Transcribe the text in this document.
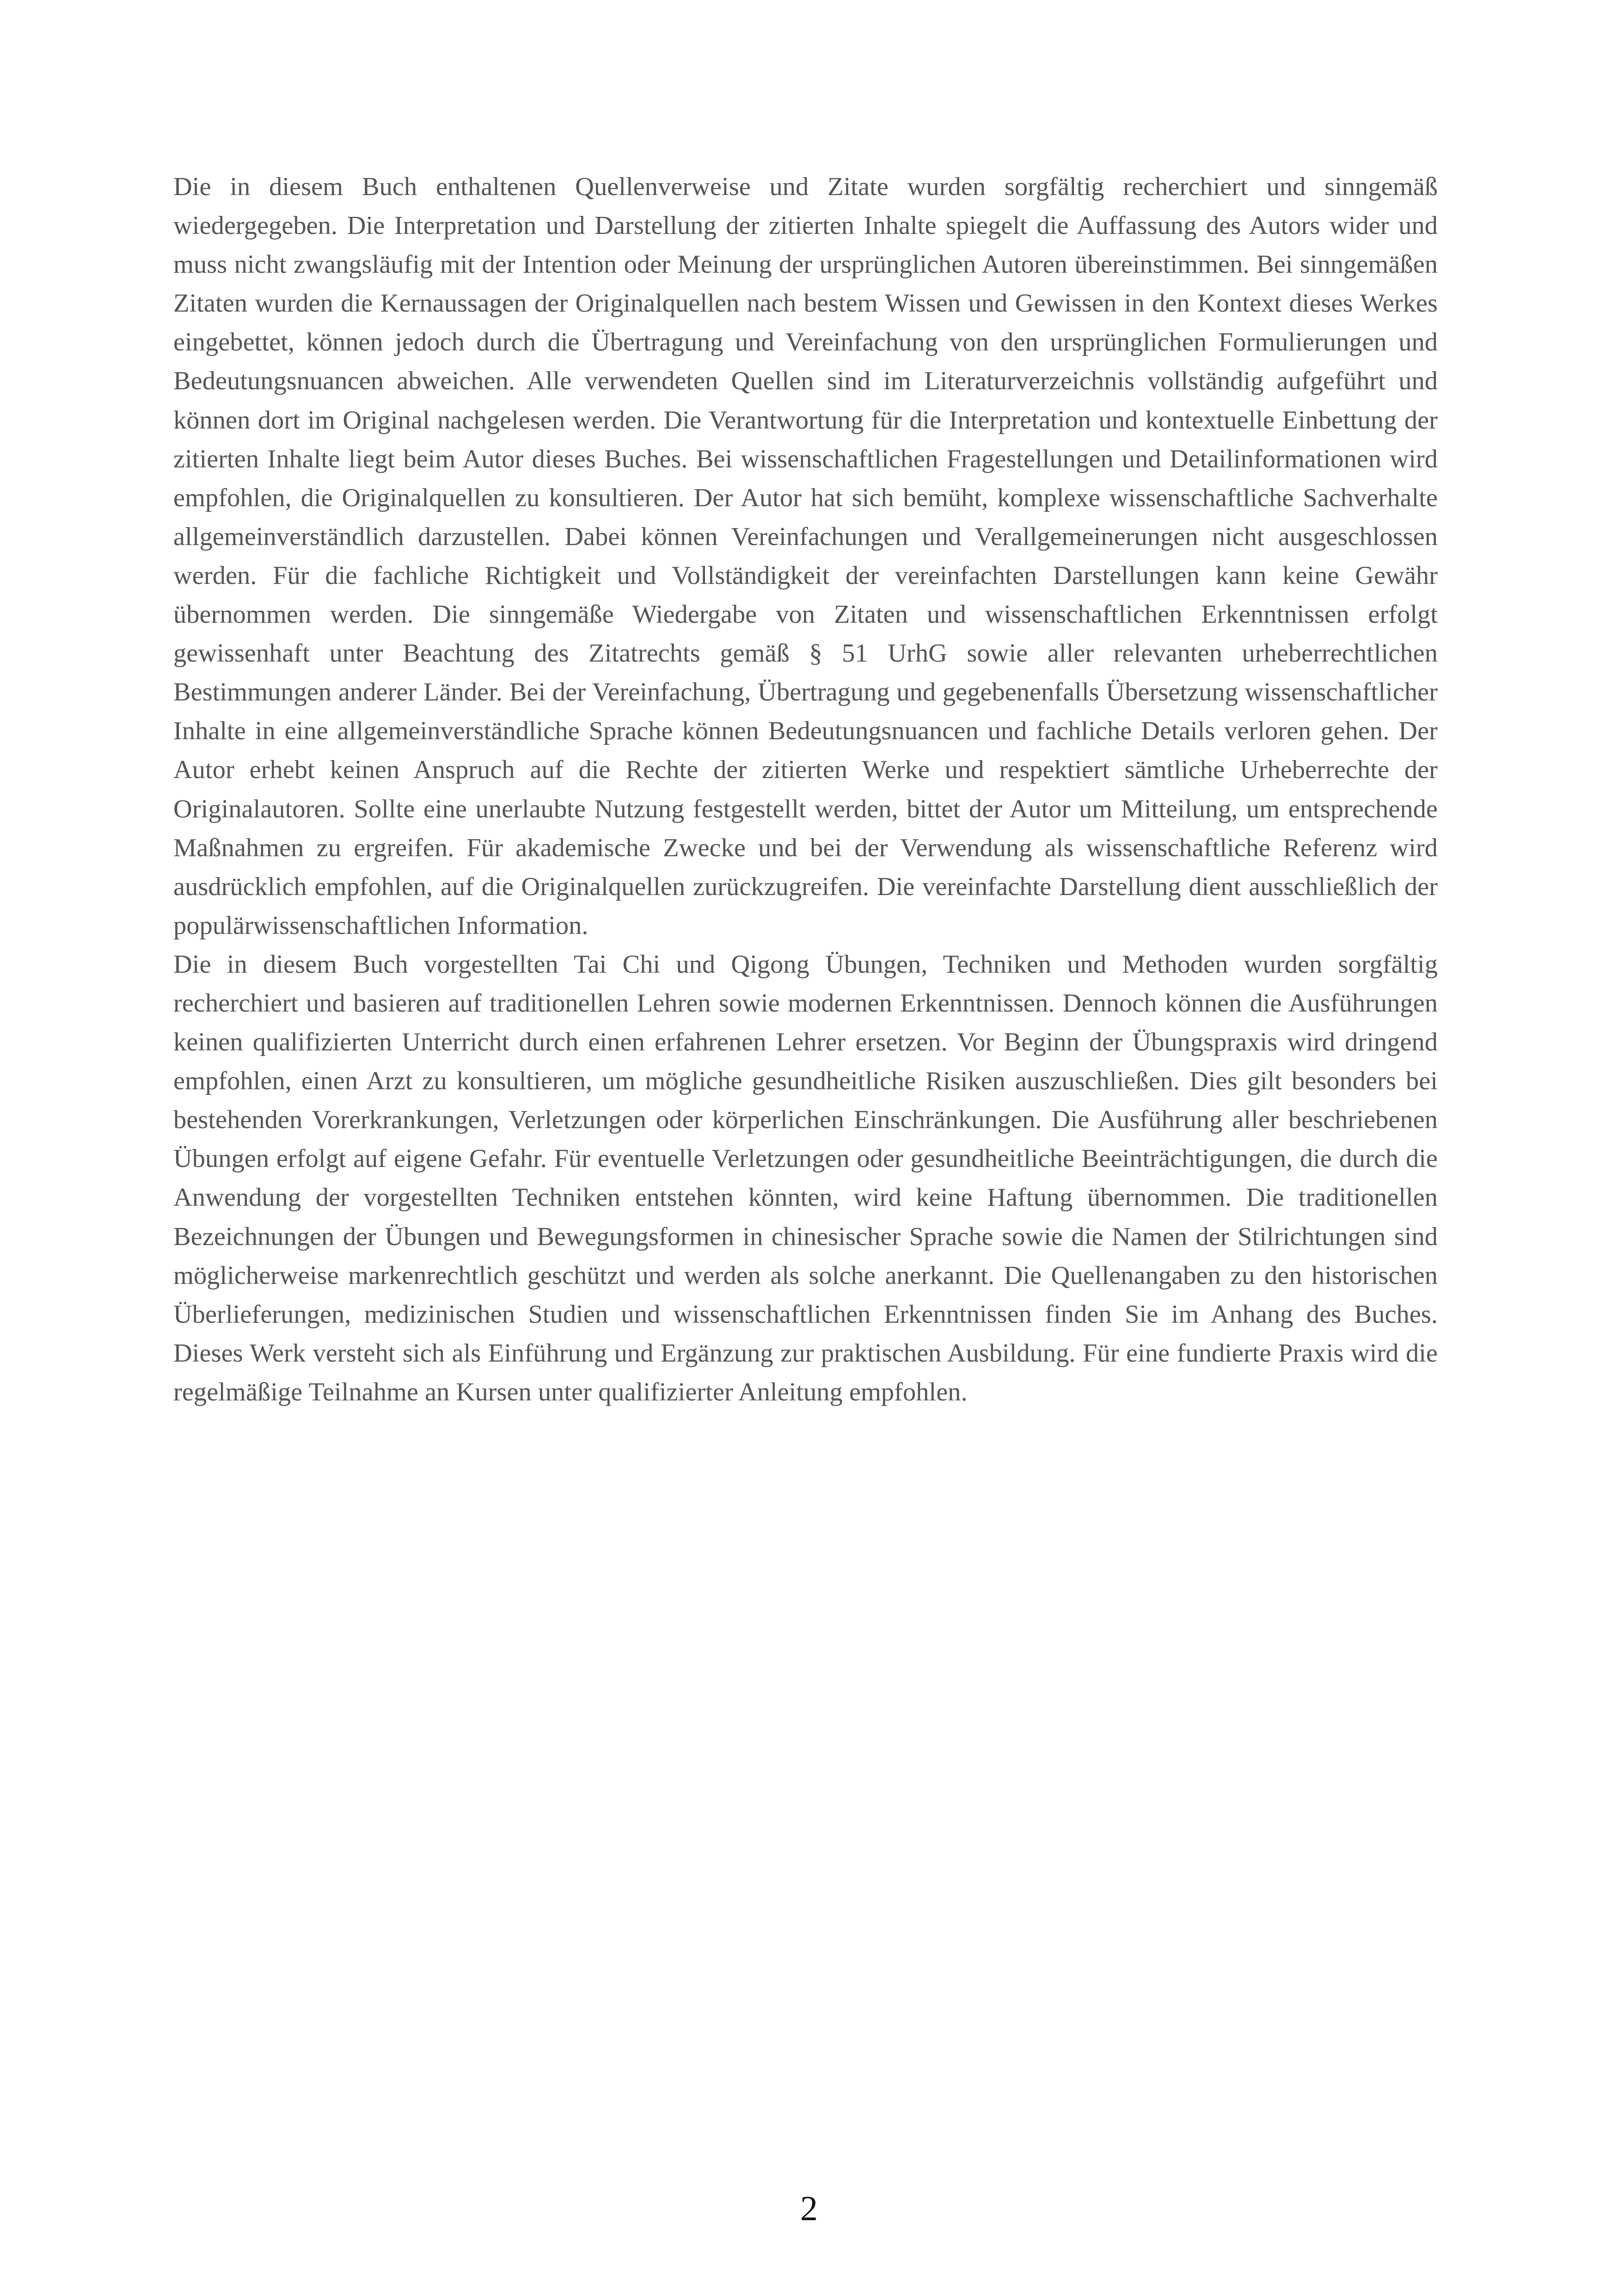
Die in diesem Buch enthaltenen Quellenverweise und Zitate wurden sorgfältig recherchiert und sinngemäß wiedergegeben. Die Interpretation und Darstellung der zitierten Inhalte spiegelt die Auffassung des Autors wider und muss nicht zwangsläufig mit der Intention oder Meinung der ursprünglichen Autoren übereinstimmen. Bei sinngemäßen Zitaten wurden die Kernaussagen der Originalquellen nach bestem Wissen und Gewissen in den Kontext dieses Werkes eingebettet, können jedoch durch die Übertragung und Vereinfachung von den ursprünglichen Formulierungen und Bedeutungsnuancen abweichen. Alle verwendeten Quellen sind im Literaturverzeichnis vollständig aufgeführt und können dort im Original nachgelesen werden. Die Verantwortung für die Interpretation und kontextuelle Einbettung der zitierten Inhalte liegt beim Autor dieses Buches. Bei wissenschaftlichen Fragestellungen und Detailinformationen wird empfohlen, die Originalquellen zu konsultieren. Der Autor hat sich bemüht, komplexe wissenschaftliche Sachverhalte allgemeinverständlich darzustellen. Dabei können Vereinfachungen und Verallgemeinerungen nicht ausgeschlossen werden. Für die fachliche Richtigkeit und Vollständigkeit der vereinfachten Darstellungen kann keine Gewähr übernommen werden. Die sinngemäße Wiedergabe von Zitaten und wissenschaftlichen Erkenntnissen erfolgt gewissenhaft unter Beachtung des Zitatrechts gemäß § 51 UrhG sowie aller relevanten urheberrechtlichen Bestimmungen anderer Länder. Bei der Vereinfachung, Übertragung und gegebenenfalls Übersetzung wissenschaftlicher Inhalte in eine allgemeinverständliche Sprache können Bedeutungsnuancen und fachliche Details verloren gehen. Der Autor erhebt keinen Anspruch auf die Rechte der zitierten Werke und respektiert sämtliche Urheberrechte der Originalautoren. Sollte eine unerlaubte Nutzung festgestellt werden, bittet der Autor um Mitteilung, um entsprechende Maßnahmen zu ergreifen. Für akademische Zwecke und bei der Verwendung als wissenschaftliche Referenz wird ausdrücklich empfohlen, auf die Originalquellen zurückzugreifen. Die vereinfachte Darstellung dient ausschließlich der populärwissenschaftlichen Information.

Die in diesem Buch vorgestellten Tai Chi und Qigong Übungen, Techniken und Methoden wurden sorgfältig recherchiert und basieren auf traditionellen Lehren sowie modernen Erkenntnissen. Dennoch können die Ausführungen keinen qualifizierten Unterricht durch einen erfahrenen Lehrer ersetzen. Vor Beginn der Übungspraxis wird dringend empfohlen, einen Arzt zu konsultieren, um mögliche gesundheitliche Risiken auszuschließen. Dies gilt besonders bei bestehenden Vorerkrankungen, Verletzungen oder körperlichen Einschränkungen. Die Ausführung aller beschriebenen Übungen erfolgt auf eigene Gefahr. Für eventuelle Verletzungen oder gesundheitliche Beeinträchtigungen, die durch die Anwendung der vorgestellten Techniken entstehen könnten, wird keine Haftung übernommen. Die traditionellen Bezeichnungen der Übungen und Bewegungsformen in chinesischer Sprache sowie die Namen der Stilrichtungen sind möglicherweise markenrechtlich geschützt und werden als solche anerkannt. Die Quellenangaben zu den historischen Überlieferungen, medizinischen Studien und wissenschaftlichen Erkenntnissen finden Sie im Anhang des Buches. Dieses Werk versteht sich als Einführung und Ergänzung zur praktischen Ausbildung. Für eine fundierte Praxis wird die regelmäßige Teilnahme an Kursen unter qualifizierter Anleitung empfohlen.

2
